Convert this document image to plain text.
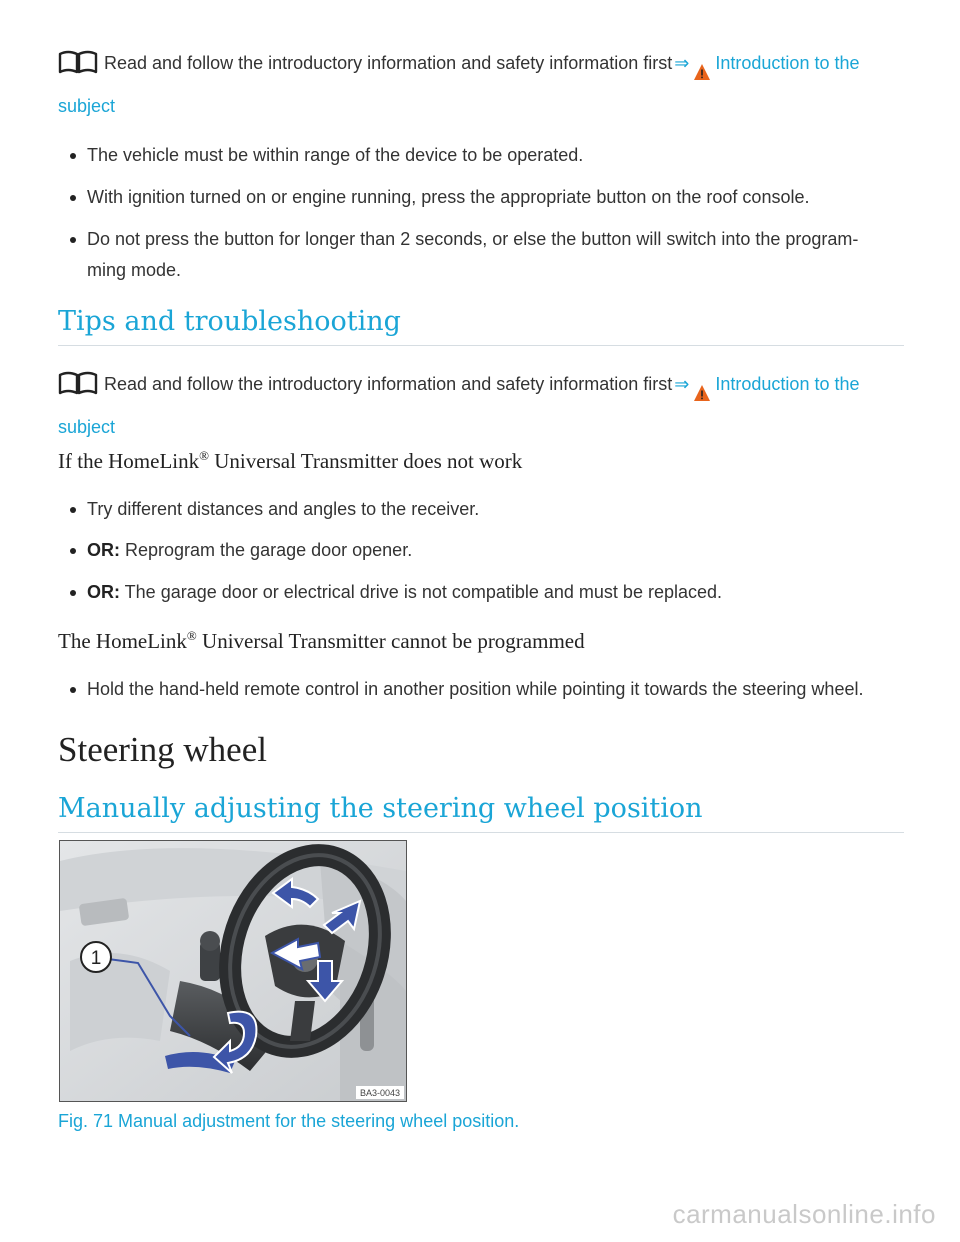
Read and follow the introductory information and safety information first ⇒ Introduction to the
subject
The vehicle must be within range of the device to be operated.
With ignition turned on or engine running, press the appropriate button on the roof console.
Do not press the button for longer than 2 seconds, or else the button will switch into the program-
ming mode.
Tips and troubleshooting
Read and follow the introductory information and safety information first ⇒ Introduction to the
subject
If the HomeLink® Universal Transmitter does not work
Try different distances and angles to the receiver.
OR: Reprogram the garage door opener.
OR: The garage door or electrical drive is not compatible and must be replaced.
The HomeLink® Universal Transmitter cannot be programmed
Hold the hand-held remote control in another position while pointing it towards the steering wheel.
Steering wheel
Manually adjusting the steering wheel position
1
BA3-0043
Fig. 71 Manual adjustment for the steering wheel position.
carmanualsonline.info
